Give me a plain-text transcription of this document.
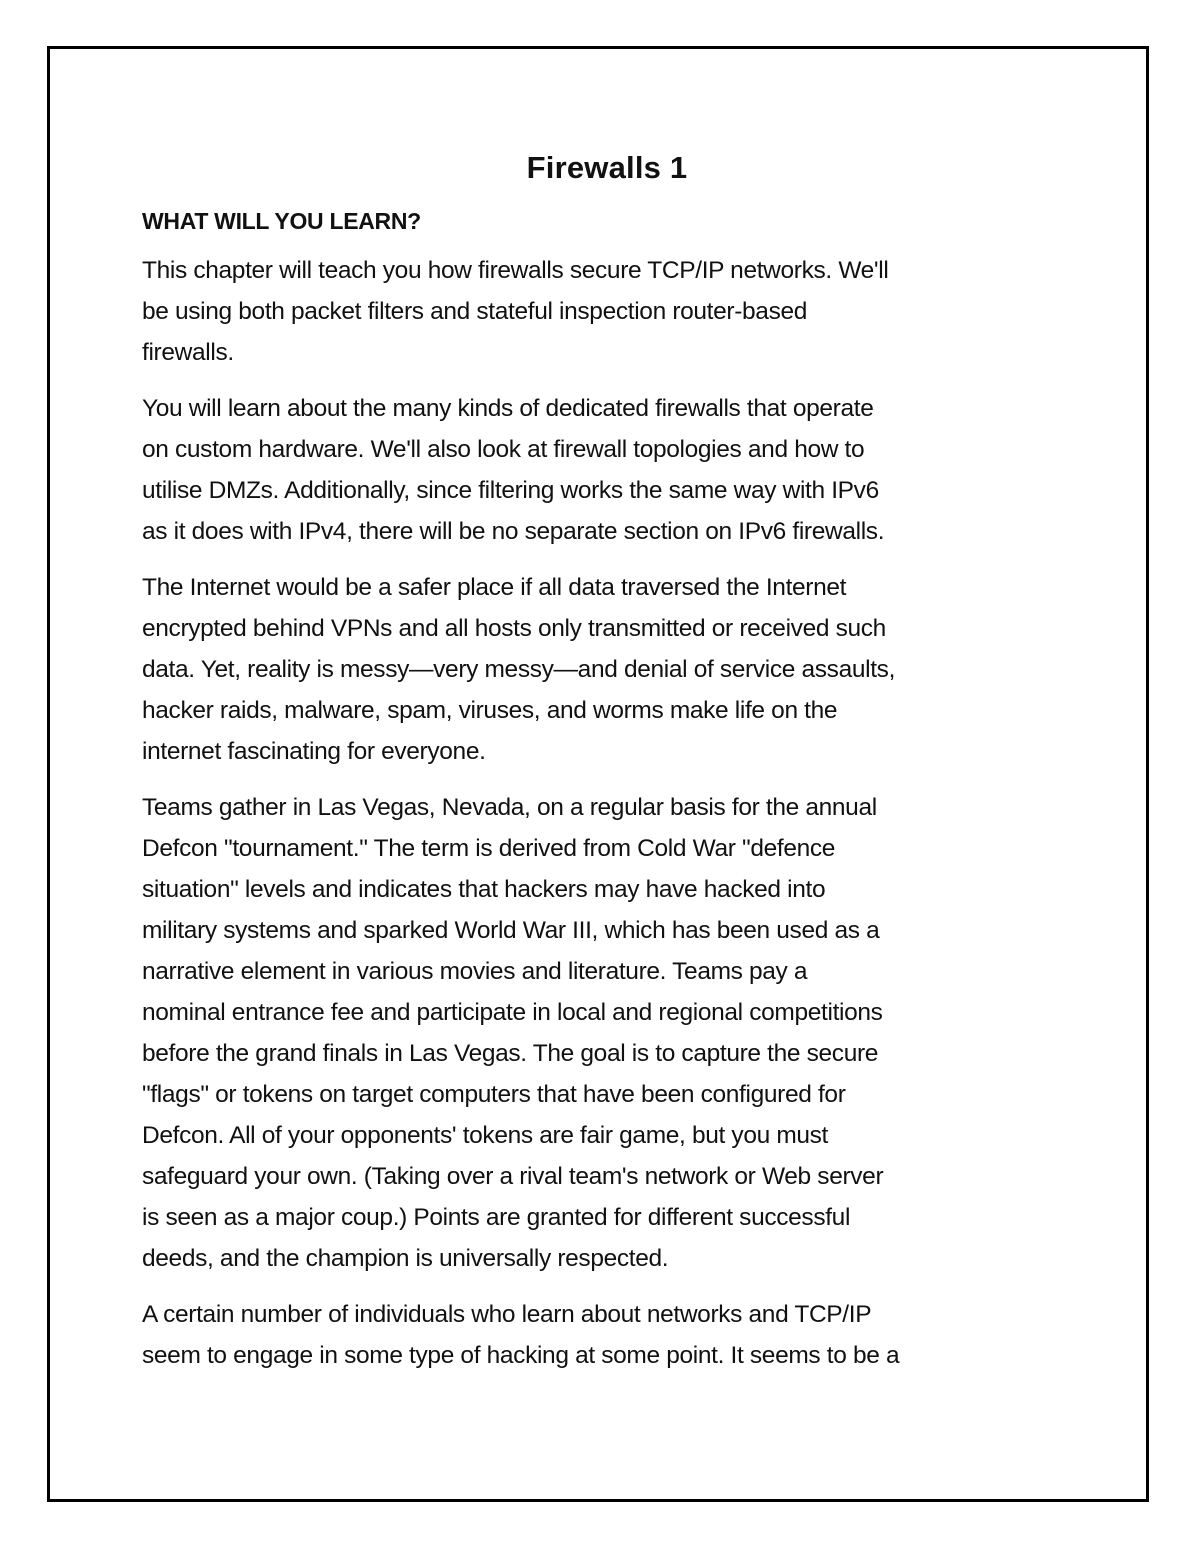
Firewalls 1
WHAT WILL YOU LEARN?

This chapter will teach you how firewalls secure TCP/IP networks. We'll
be using both packet filters and stateful inspection router-based
firewalls.

You will learn about the many kinds of dedicated firewalls that operate
on custom hardware. We'll also look at firewall topologies and how to
utilise DMZs. Additionally, since filtering works the same way with IPv6
as it does with IPv4, there will be no separate section on IPv6 firewalls.

The Internet would be a safer place if all data traversed the Internet
encrypted behind VPNs and all hosts only transmitted or received such
data. Yet, reality is messy—very messy—and denial of service assaults,
hacker raids, malware, spam, viruses, and worms make life on the
internet fascinating for everyone.

Teams gather in Las Vegas, Nevada, on a regular basis for the annual
Defcon "tournament." The term is derived from Cold War "defence
situation" levels and indicates that hackers may have hacked into
military systems and sparked World War III, which has been used as a
narrative element in various movies and literature. Teams pay a
nominal entrance fee and participate in local and regional competitions
before the grand finals in Las Vegas. The goal is to capture the secure
"flags" or tokens on target computers that have been configured for
Defcon. All of your opponents' tokens are fair game, but you must
safeguard your own. (Taking over a rival team's network or Web server
is seen as a major coup.) Points are granted for different successful
deeds, and the champion is universally respected.

A certain number of individuals who learn about networks and TCP/IP
seem to engage in some type of hacking at some point. It seems to be a
